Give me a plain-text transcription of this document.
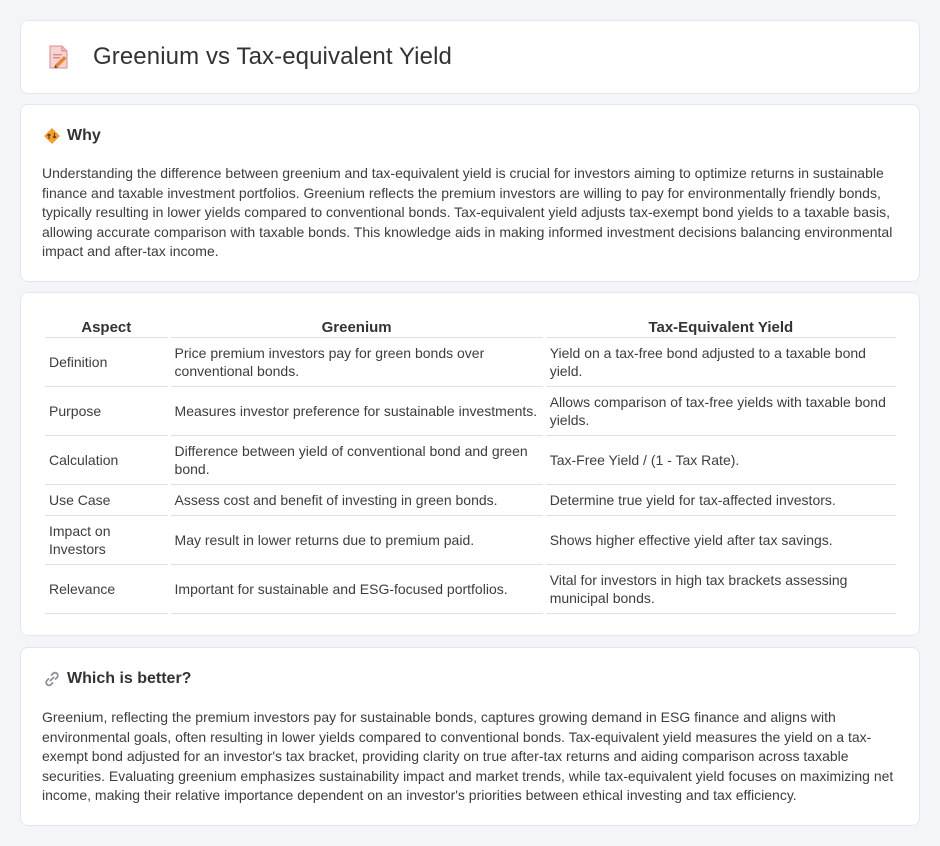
Greenium vs Tax-equivalent Yield
Why

Understanding the difference between greenium and tax-equivalent yield is crucial for investors aiming to optimize returns in sustainable finance and taxable investment portfolios. Greenium reflects the premium investors are willing to pay for environmentally friendly bonds, typically resulting in lower yields compared to conventional bonds. Tax-equivalent yield adjusts tax-exempt bond yields to a taxable basis, allowing accurate comparison with taxable bonds. This knowledge aids in making informed investment decisions balancing environmental impact and after-tax income.

Aspect	Greenium	Tax-Equivalent Yield
Definition	Price premium investors pay for green bonds over conventional bonds.	Yield on a tax-free bond adjusted to a taxable bond yield.
Purpose	Measures investor preference for sustainable investments.	Allows comparison of tax-free yields with taxable bond yields.
Calculation	Difference between yield of conventional bond and green bond.	Tax-Free Yield / (1 - Tax Rate).
Use Case	Assess cost and benefit of investing in green bonds.	Determine true yield for tax-affected investors.
Impact on Investors	May result in lower returns due to premium paid.	Shows higher effective yield after tax savings.
Relevance	Important for sustainable and ESG-focused portfolios.	Vital for investors in high tax brackets assessing municipal bonds.
Which is better?

Greenium, reflecting the premium investors pay for sustainable bonds, captures growing demand in ESG finance and aligns with environmental goals, often resulting in lower yields compared to conventional bonds. Tax-equivalent yield measures the yield on a tax-exempt bond adjusted for an investor's tax bracket, providing clarity on true after-tax returns and aiding comparison across taxable securities. Evaluating greenium emphasizes sustainability impact and market trends, while tax-equivalent yield focuses on maximizing net income, making their relative importance dependent on an investor's priorities between ethical investing and tax efficiency.
